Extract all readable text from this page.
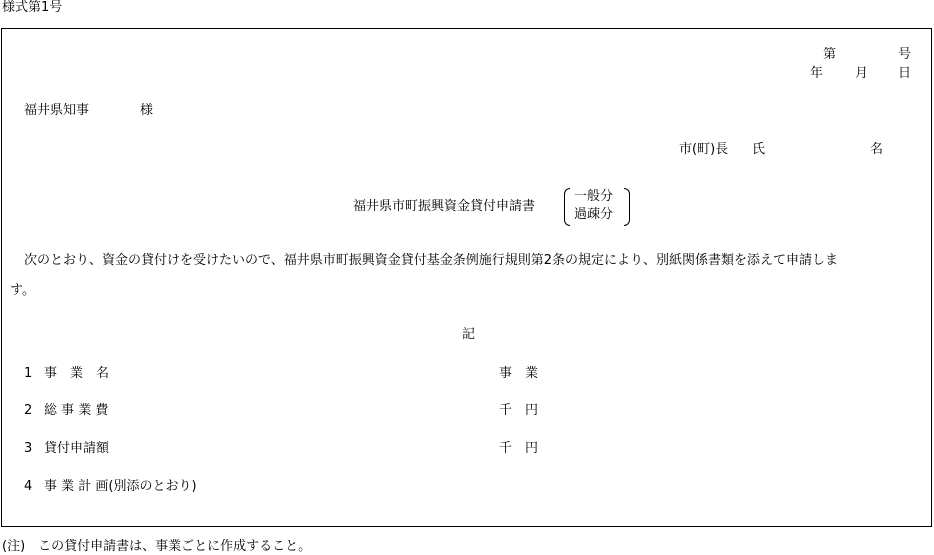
様式第1号
第	号
年 月 日
福井県知事	様
市(町)長 氏	名
福井県市町振興資金貸付申請書
一般分
過疎分
次のとおり、資金の貸付けを受けたいので、福井県市町振興資金貸付基金条例施行規則第2条の規定により、別紙関係書類を添えて申請しま
す。
記
1 事　業　名	事　業
2 総 事 業 費	千　円
3 貸付申請額	千　円
4 事 業 計 画(別添のとおり)
(注)　この貸付申請書は、事業ごとに作成すること。
